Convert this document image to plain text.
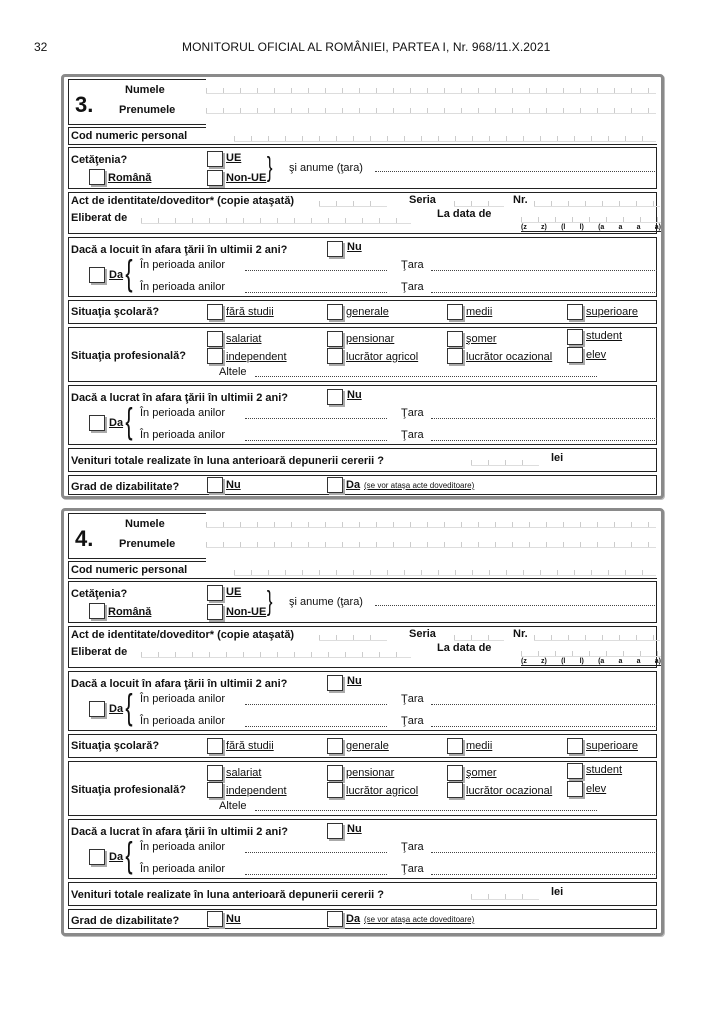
32	MONITORUL OFICIAL AL ROMÂNIEI, PARTEA I, Nr. 968/11.X.2021
3.
Numele
Prenumele
Cod numeric personal
Cetăţenia?
Română
UE
Non-UE } şi anume (ţara)
Act de identitate/doveditor* (copie ataşată)	Seria	Nr.
Eliberat de	La data de
(z z) (l l) (a a a a)
Dacă a locuit în afara ţării în ultimii 2 ani?	Nu
Da { În perioada anilor	Ţara
În perioada anilor	Ţara
Situaţia şcolară?	fără studii	generale	medii	superioare
Situaţia profesională?
salariat	pensionar	şomer	student
independent	lucrător agricol	lucrător ocazional	elev
Altele
Dacă a lucrat în afara ţării în ultimii 2 ani?	Nu
Da { În perioada anilor	Ţara
În perioada anilor	Ţara
Venituri totale realizate în luna anterioară depunerii cererii ?	lei
Grad de dizabilitate?	Nu	Da (se vor ataşa acte doveditoare)
4.
Numele
Prenumele
Cod numeric personal
Cetăţenia?
Română
UE
Non-UE } şi anume (ţara)
Act de identitate/doveditor* (copie ataşată)	Seria	Nr.
Eliberat de	La data de
(z z) (l l) (a a a a)
Dacă a locuit în afara ţării în ultimii 2 ani?	Nu
Da { În perioada anilor	Ţara
În perioada anilor	Ţara
Situaţia şcolară?	fără studii	generale	medii	superioare
Situaţia profesională?
salariat	pensionar	şomer	student
independent	lucrător agricol	lucrător ocazional	elev
Altele
Dacă a lucrat în afara ţării în ultimii 2 ani?	Nu
Da { În perioada anilor	Ţara
În perioada anilor	Ţara
Venituri totale realizate în luna anterioară depunerii cererii ?	lei
Grad de dizabilitate?	Nu	Da (se vor ataşa acte doveditoare)
